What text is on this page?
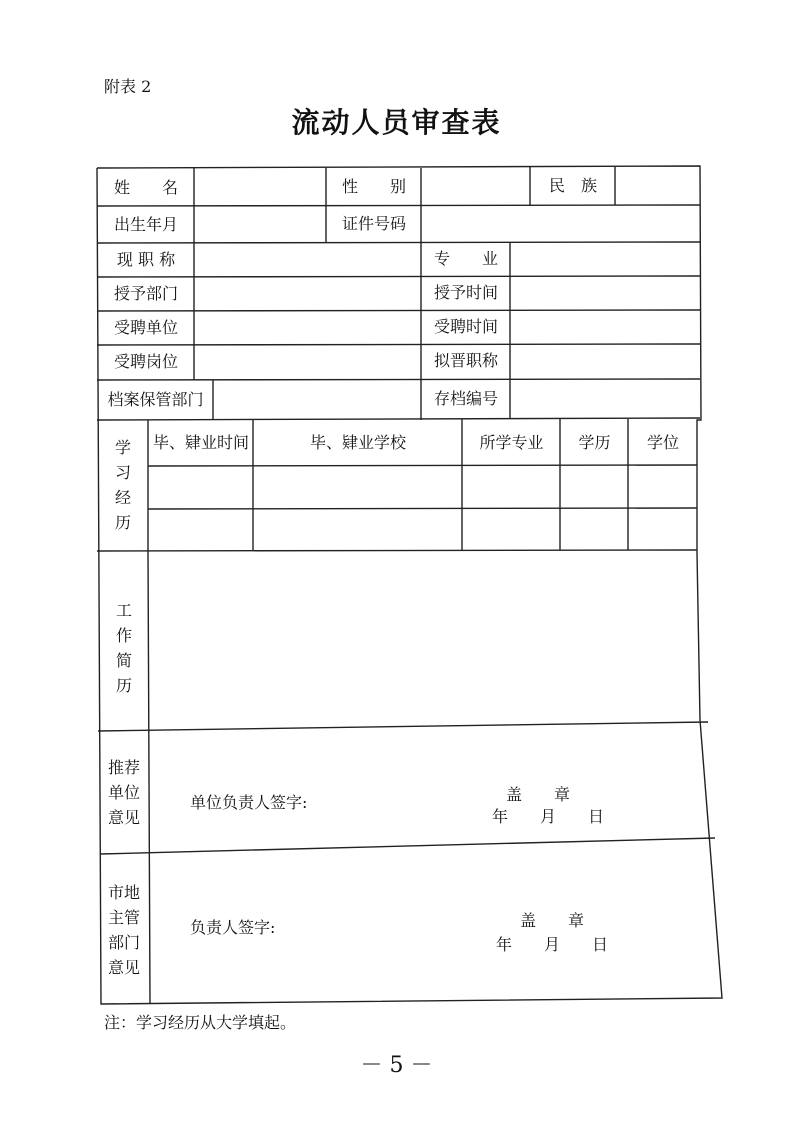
附表 2
流动人员审查表
姓　　名	性　　别	民　族
出生年月	证件号码
现 职 称	专　　业
授予部门	授予时间
受聘单位	受聘时间
受聘岗位	拟晋职称
档案保管部门	存档编号
学
习
经
历
毕、肄业时间	毕、肄业学校	所学专业	学历	学位
工
作
简
历
推荐
单位
意见
单位负责人签字:	盖　　章
年　　月　　日
市地
主管
部门
意见
负责人签字:	盖　　章
年　　月　　日
注：学习经历从大学填起。
－ 5 －
